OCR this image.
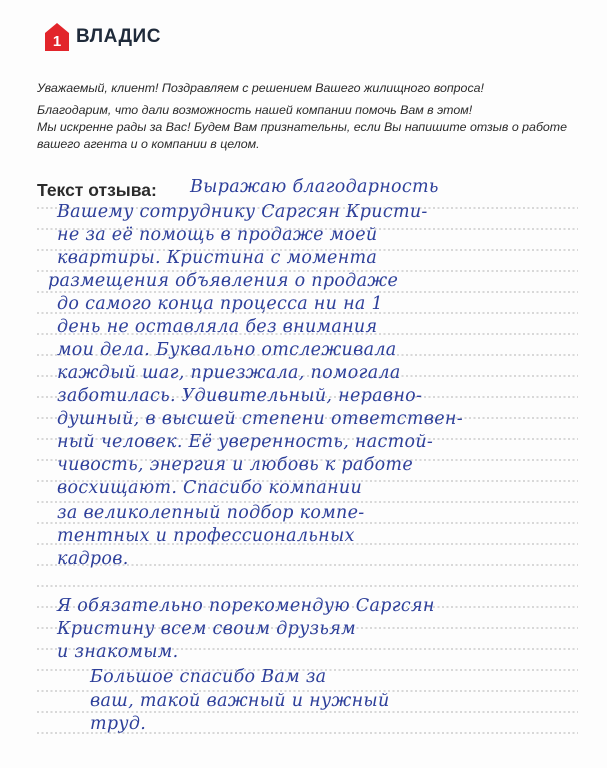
1 ВЛАДИС

Уважаемый, клиент! Поздравляем с решением Вашего жилищного вопроса!

Благодарим, что дали возможность нашей компании помочь Вам в этом!

Мы искренне рады за Вас! Будем Вам признательны, если Вы напишите отзыв о работе

вашего агента и о компании в целом.

Текст отзыва: Выражаю благодарность
Вашему сотруднику Саргсян Кристи-
не за её помощь в продаже моей
квартиры. Кристина с момента
размещения объявления о продаже
до самого конца процесса ни на 1
день не оставляла без внимания
мои дела. Буквально отслеживала
каждый шаг, приезжала, помогала
заботилась. Удивительный, неравно-
душный, в высшей степени ответствен-
ный человек. Её уверенность, настой-
чивость, энергия и любовь к работе
восхищают. Спасибо компании
за великолепный подбор компе-
тентных и профессиональных
кадров.
Я обязательно порекомендую Саргсян
Кристину всем своим друзьям
и знакомым.
Большое спасибо Вам за
ваш, такой важный и нужный
труд.
